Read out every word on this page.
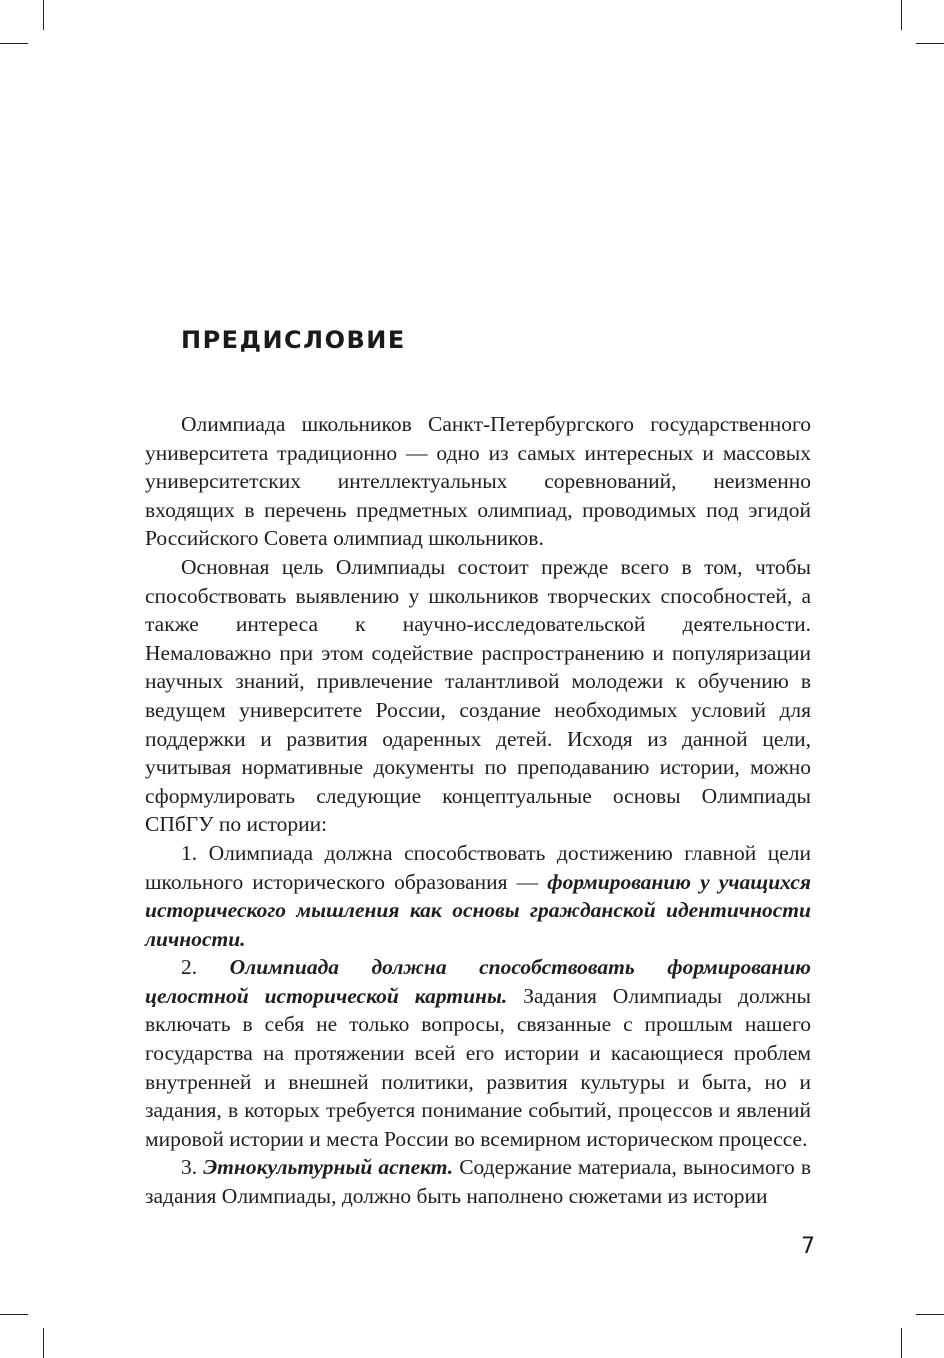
ПРЕДИСЛОВИЕ

Олимпиада школьников Санкт-Петербургского государственного университета традиционно — одно из самых интересных и массовых университетских интеллектуальных соревнований, неизменно входящих в перечень предметных олимпиад, проводимых под эгидой Российского Совета олимпиад школьников.

Основная цель Олимпиады состоит прежде всего в том, чтобы способствовать выявлению у школьников творческих способностей, а также интереса к научно-исследовательской деятельности. Немаловажно при этом содействие распространению и популяризации научных знаний, привлечение талантливой молодежи к обучению в ведущем университете России, создание необходимых условий для поддержки и развития одаренных детей. Исходя из данной цели, учитывая нормативные документы по преподаванию истории, можно сформулировать следующие концептуальные основы Олимпиады СПбГУ по истории:

1. Олимпиада должна способствовать достижению главной цели школьного исторического образования — формированию у учащихся исторического мышления как основы гражданской идентичности личности.

2. Олимпиада должна способствовать формированию целостной исторической картины. Задания Олимпиады должны включать в себя не только вопросы, связанные с прошлым нашего государства на протяжении всей его истории и касающиеся проблем внутренней и внешней политики, развития культуры и быта, но и задания, в которых требуется понимание событий, процессов и явлений мировой истории и места России во всемирном историческом процессе.

3. Этнокультурный аспект. Содержание материала, выносимого в задания Олимпиады, должно быть наполнено сюжетами из истории

7
